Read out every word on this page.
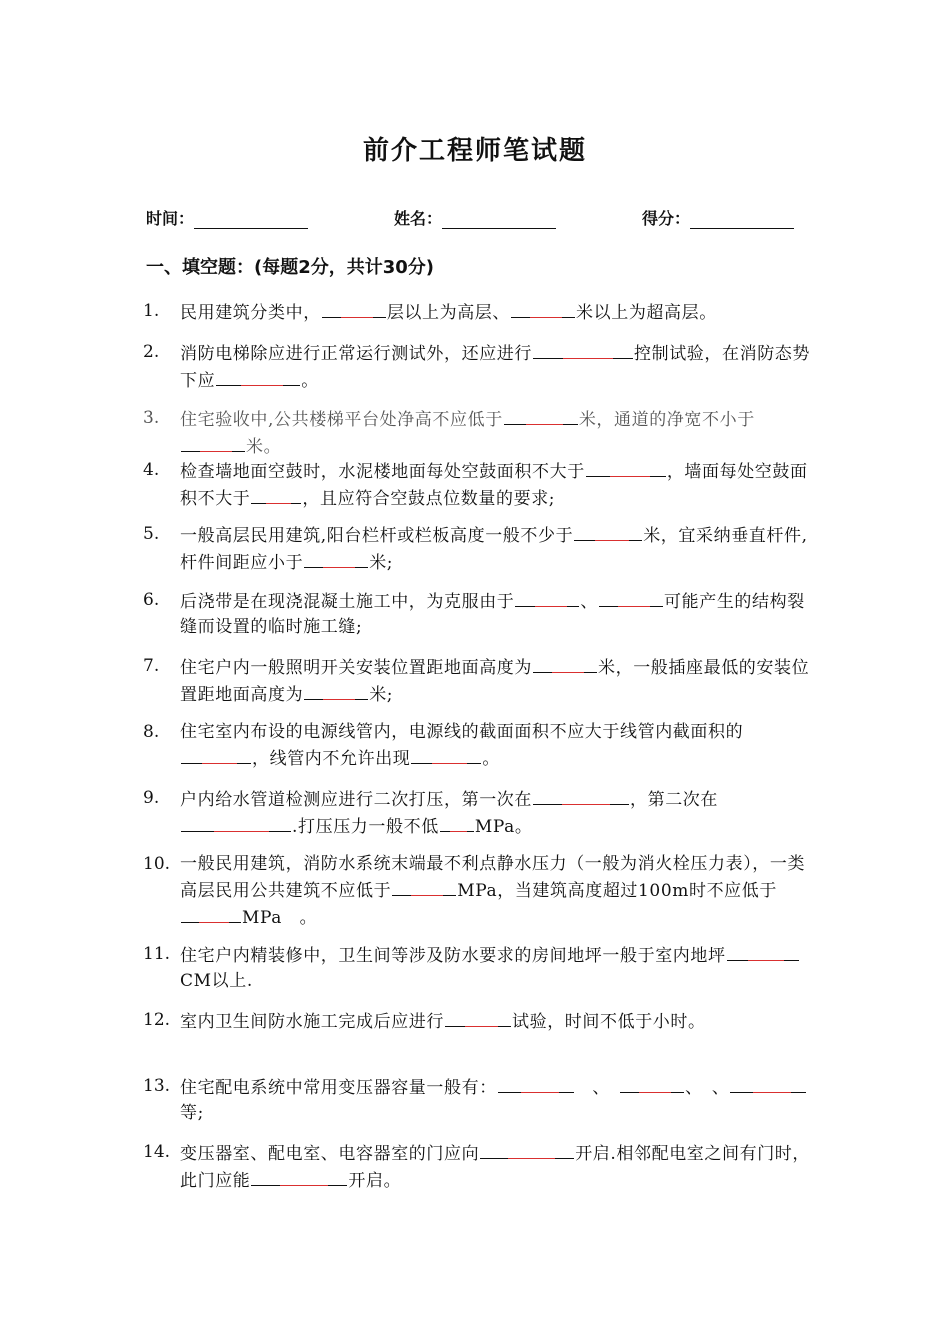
前介工程师笔试题
时间：	姓名：	得分：
一、填空题：(每题2分，共计30分)
1. 民用建筑分类中，	层以上为高层、	米以上为超高层。
2. 消防电梯除应进行正常运行测试外，还应进行	控制试验，在消防态势下应	。
3. 住宅验收中,公共楼梯平台处净高不应低于	米，通道的净宽不小于米。
4. 检查墙地面空鼓时，水泥楼地面每处空鼓面积不大于	，墙面每处空鼓面积不大于	，且应符合空鼓点位数量的要求;
5. 一般高层民用建筑,阳台栏杆或栏板高度一般不少于	米，宜采纳垂直杆件,杆件间距应小于	米;
6. 后浇带是在现浇混凝土施工中，为克服由于	、	可能产生的结构裂缝而设置的临时施工缝;
7. 住宅户内一般照明开关安装位置距地面高度为	米，一般插座最低的安装位置距地面高度为	米;
8. 住宅室内布设的电源线管内，电源线的截面面积不应大于线管内截面积的，线管内不允许出现	。
9. 户内给水管道检测应进行二次打压，第一次在	，第二次在.打压压力一般不低 MPa。
10. 一般民用建筑，消防水系统末端最不利点静水压力（一般为消火栓压力表），一类高层民用公共建筑不应低于	MPa，当建筑高度超过100m时不应低于MPa　。
11. 住宅户内精装修中，卫生间等涉及防水要求的房间地坪一般于室内地坪CM以上.
12. 室内卫生间防水施工完成后应进行	试验，时间不低于小时。
13. 住宅配电系统中常用变压器容量一般有：	　、　	、　、等;
14. 变压器室、配电室、电容器室的门应向	开启.相邻配电室之间有门时，此门应能	开启。
